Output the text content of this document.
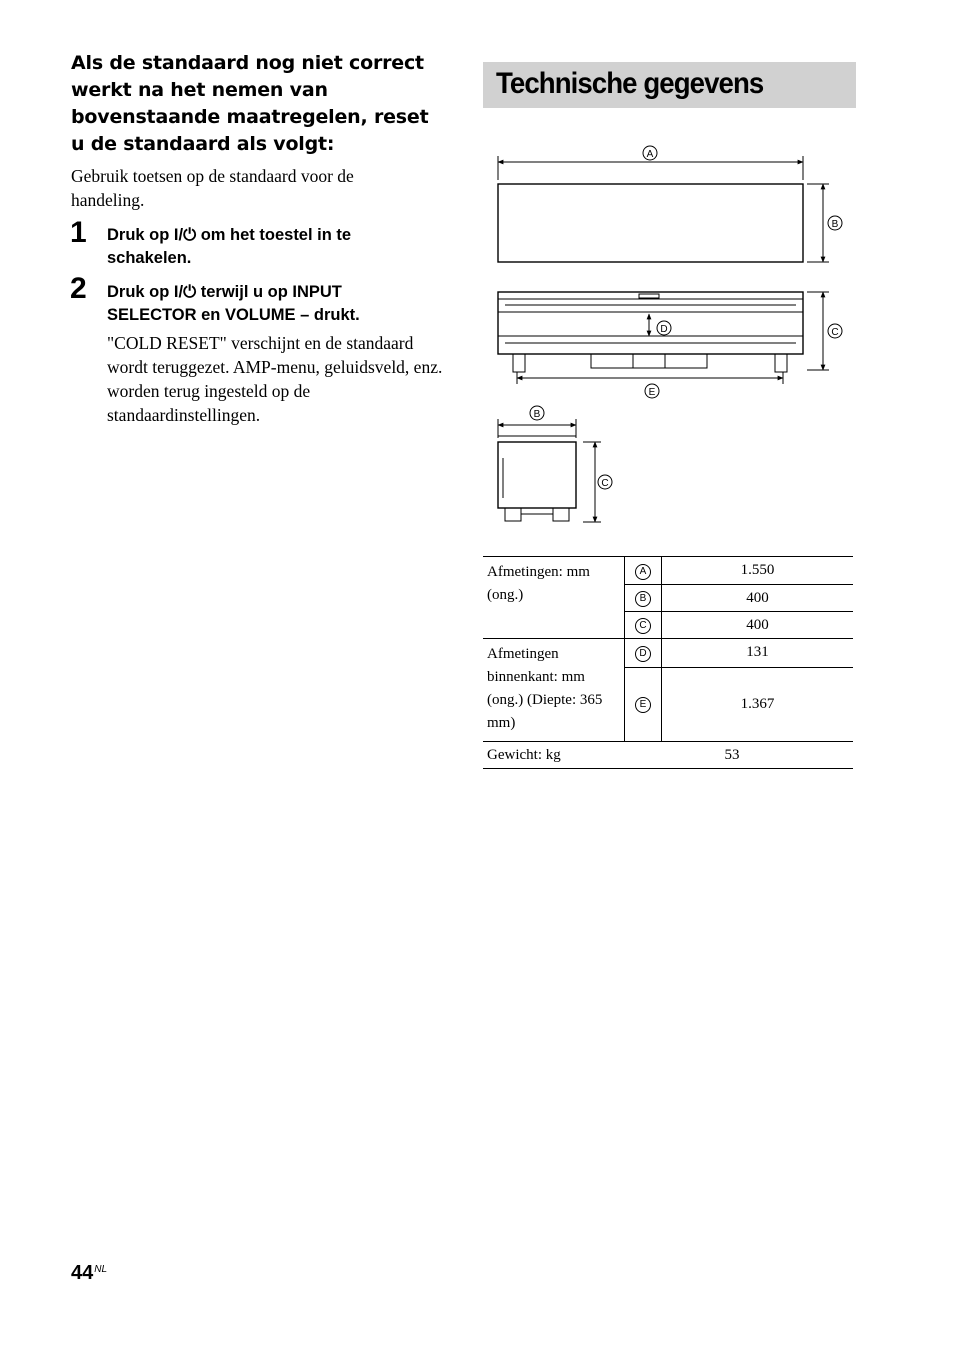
Als de standaard nog niet correct werkt na het nemen van bovenstaande maatregelen, reset u de standaard als volgt:
Gebruik toetsen op de standaard voor de handeling.
1 Druk op I/⏻ om het toestel in te schakelen.
2 Druk op I/⏻ terwijl u op INPUT SELECTOR en VOLUME – drukt.
"COLD RESET" verschijnt en de standaard wordt teruggezet. AMP-menu, geluidsveld, enz. worden terug ingesteld op de standaardinstellingen.
Technische gegevens
A
B
C
D
E
B
C
Afmetingen: mm (ong.)	A	1.550
	B	400
	C	400
Afmetingen binnenkant: mm (ong.) (Diepte: 365 mm)	D	131
	E	1.367
Gewicht: kg		53
$44^{NL}$
